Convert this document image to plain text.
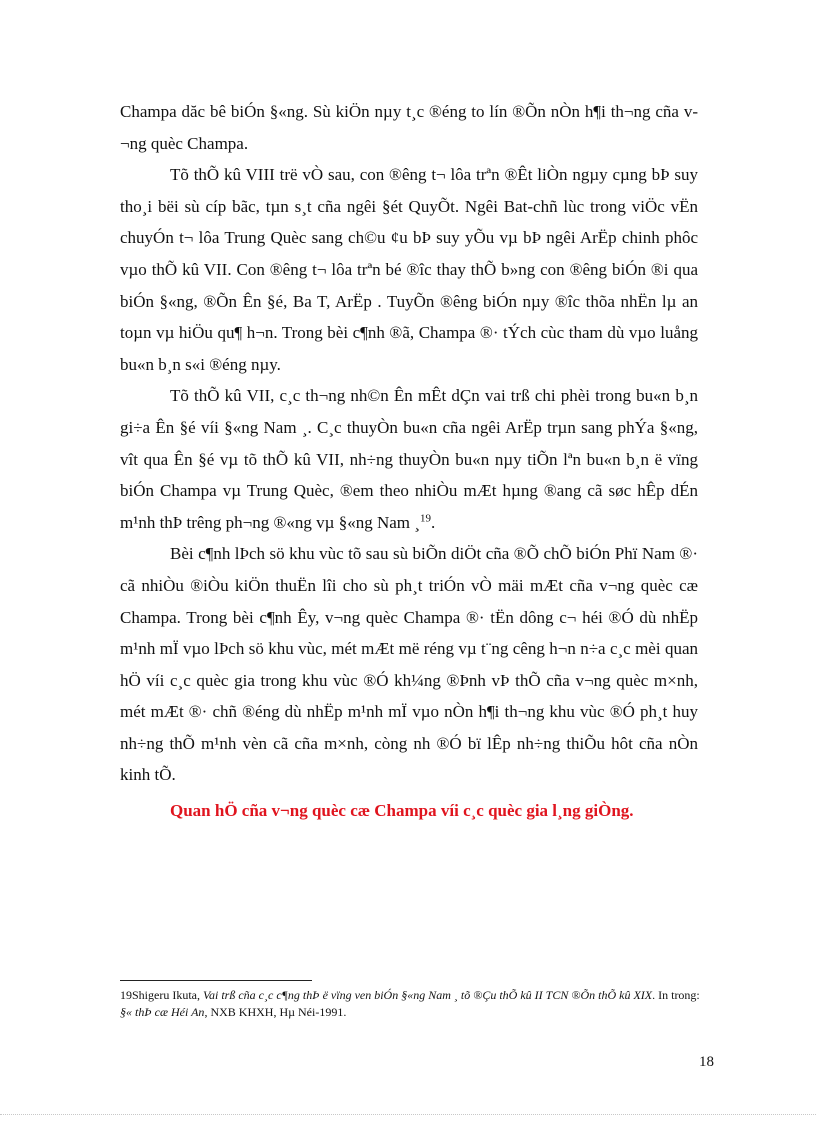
Champa dăc bê biÓn §«ng. Sù kiÖn nµy t¸c ®éng to lín ®Õn nÒn h¶i th¬ng cña v¬ng quèc Champa.

Tõ thÕ kû VIII trë vÒ sau, con ®êng t¬ lôa trªn ®Êt liÒn ngµy cµng bÞ suy tho¸i bëi sù cíp bãc, tµn s¸t cña ngêi §ét QuyÕt. Ngêi Bat-chñ lùc trong viÖc vËn chuyÓn t¬ lôa Trung Quèc sang ch©u ¢u bÞ suy yÕu vµ bÞ ngêi ArËp chinh phôc vµo thÕ kû VII. Con ®êng t¬ lôa trªn bé ®îc thay thÕ b»ng con ®êng biÓn ®i qua biÓn §«ng, ®Õn Ên §é, Ba T, ArËp . TuyÕn ®êng biÓn nµy ®îc thõa nhËn lµ an toµn vµ hiÖu qu¶ h¬n. Trong bèi c¶nh ®ã, Champa ®· tÝch cùc tham dù vµo luång bu«n b¸n s«i ®éng nµy.

Tõ thÕ kû VII, c¸c th¬ng nh©n Ên mÊt dÇn vai trß chi phèi trong bu«n b¸n gi÷a Ên §é víi §«ng Nam ¸. C¸c thuyÒn bu«n cña ngêi ArËp trµn sang phÝa §«ng, vît qua Ên §é vµ tõ thÕ kû VII, nh÷ng thuyÒn bu«n nµy tiÕn lªn bu«n b¸n ë vïng biÓn Champa vµ Trung Quèc, ®em theo nhiÒu mÆt hµng ®ang cã søc hÊp dÉn m¹nh thÞ trêng ph¬ng ®«ng vµ §«ng Nam ¸$^{19}$.

Bèi c¶nh lÞch sö khu vùc tõ sau sù biÕn diÖt cña ®Õ chÕ biÓn Phï Nam ®· cã nhiÒu ®iÒu kiÖn thuËn lîi cho sù ph¸t triÓn vÒ mäi mÆt cña v¬ng quèc cæ Champa. Trong bèi c¶nh Êy, v¬ng quèc Champa ®· tËn dông c¬ héi ®Ó dù nhËp m¹nh mÏ vµo lÞch sö khu vùc, mét mÆt më réng vµ t¨ng cêng h¬n n÷a c¸c mèi quan hÖ víi c¸c quèc gia trong khu vùc ®Ó kh¼ng ®Þnh vÞ thÕ cña v¬ng quèc m×nh, mét mÆt ®· chñ ®éng dù nhËp m¹nh mÏ vµo nÒn h¶i th¬ng khu vùc ®Ó ph¸t huy nh÷ng thÕ m¹nh vèn cã cña m×nh, còng nh ®Ó bï lÊp nh÷ng thiÕu hôt cña nÒn kinh tÕ.

Quan hÖ cña v¬ng quèc cæ Champa víi c¸c quèc gia l¸ng giÒng.

19Shigeru Ikuta, Vai trß cña c¸c c¶ng thÞ ë vïng ven biÓn §«ng Nam ¸ tõ ®Çu thÕ kû II TCN ®Õn thÕ kû XIX. In trong: §« thÞ cæ Héi An, NXB KHXH, Hµ Néi-1991.
18
